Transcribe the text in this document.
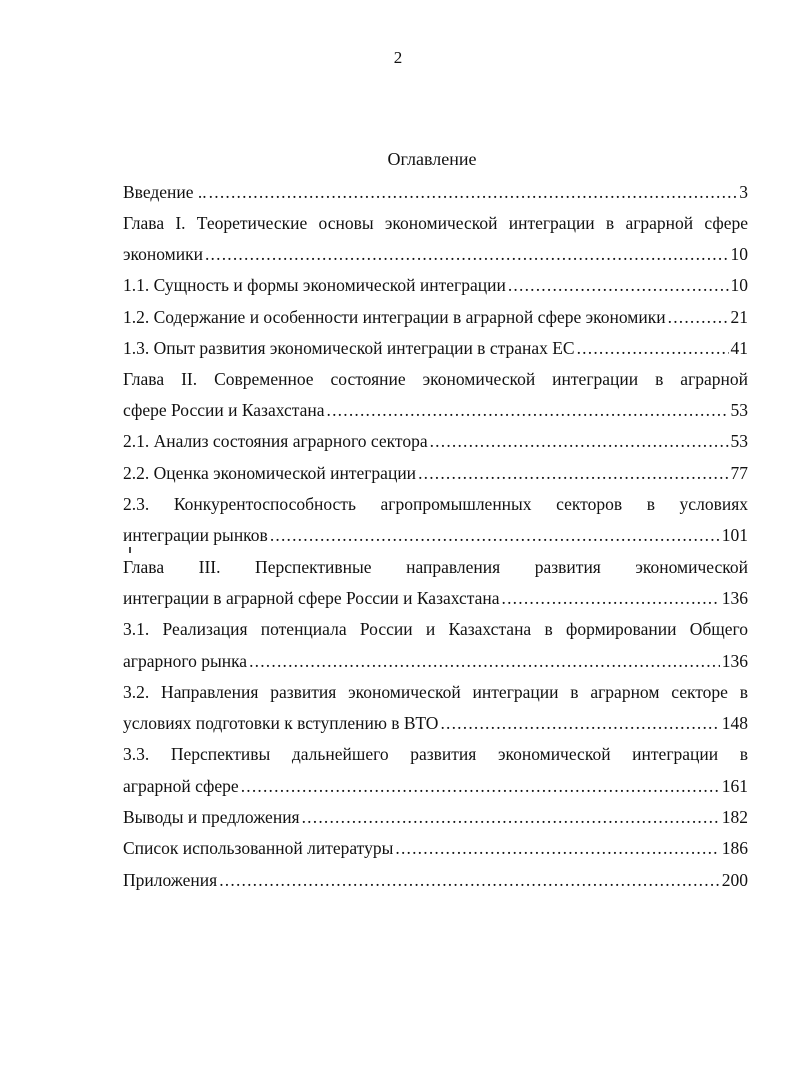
2
Оглавление
Введение .. .....	3
Глава I. Теоретические основы экономической интеграции в аграрной сфере
экономики .....	10
1.1. Сущность и формы экономической интеграции .....	10
1.2. Содержание и особенности интеграции в аграрной сфере экономики .....	21
1.3. Опыт развития экономической интеграции в странах ЕС .....	41
Глава II. Современное состояние экономической интеграции в аграрной
сфере России и Казахстана .....	53
2.1. Анализ состояния аграрного сектора .....	53
2.2. Оценка экономической интеграции .....	77
2.3. Конкурентоспособность агропромышленных секторов в условиях
интеграции рынков .....	101
Глава III. Перспективные направления развития экономической
интеграции в аграрной сфере России и Казахстана .....	136
3.1. Реализация потенциала России и Казахстана в формировании Общего
аграрного рынка .....	136
3.2. Направления развития экономической интеграции в аграрном секторе в
условиях подготовки к вступлению в ВТО .....	148
3.3. Перспективы дальнейшего развития экономической интеграции в
аграрной сфере .....	161
Выводы и предложения .....	182
Список использованной литературы .....	186
Приложения .....	200
